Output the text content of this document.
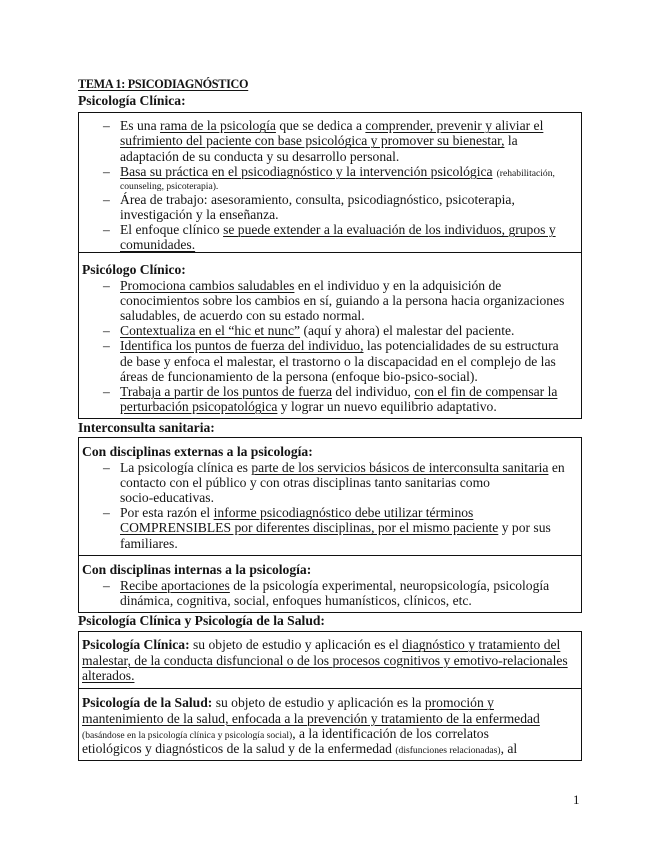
TEMA 1: PSICODIAGNÓSTICO
Psicología Clínica:
– Es una rama de la psicología que se dedica a comprender, prevenir y aliviar el
sufrimiento del paciente con base psicológica y promover su bienestar, la
adaptación de su conducta y su desarrollo personal.
– Basa su práctica en el psicodiagnóstico y la intervención psicológica (rehabilitación,
counseling, psicoterapia).
– Área de trabajo: asesoramiento, consulta, psicodiagnóstico, psicoterapia,
investigación y la enseñanza.
– El enfoque clínico se puede extender a la evaluación de los individuos, grupos y
comunidades.
Psicólogo Clínico:
– Promociona cambios saludables en el individuo y en la adquisición de
conocimientos sobre los cambios en sí, guiando a la persona hacia organizaciones
saludables, de acuerdo con su estado normal.
– Contextualiza en el “hic et nunc” (aquí y ahora) el malestar del paciente.
– Identifica los puntos de fuerza del individuo, las potencialidades de su estructura
de base y enfoca el malestar, el trastorno o la discapacidad en el complejo de las
áreas de funcionamiento de la persona (enfoque bio-psico-social).
– Trabaja a partir de los puntos de fuerza del individuo, con el fin de compensar la
perturbación psicopatológica y lograr un nuevo equilibrio adaptativo.
Interconsulta sanitaria:
Con disciplinas externas a la psicología:
– La psicología clínica es parte de los servicios básicos de interconsulta sanitaria en
contacto con el público y con otras disciplinas tanto sanitarias como
socio-educativas.
– Por esta razón el informe psicodiagnóstico debe utilizar términos
COMPRENSIBLES por diferentes disciplinas, por el mismo paciente y por sus
familiares.
Con disciplinas internas a la psicología:
– Recibe aportaciones de la psicología experimental, neuropsicología, psicología
dinámica, cognitiva, social, enfoques humanísticos, clínicos, etc.
Psicología Clínica y Psicología de la Salud:
Psicología Clínica: su objeto de estudio y aplicación es el diagnóstico y tratamiento del
malestar, de la conducta disfuncional o de los procesos cognitivos y emotivo-relacionales
alterados.
Psicología de la Salud: su objeto de estudio y aplicación es la promoción y
mantenimiento de la salud, enfocada a la prevención y tratamiento de la enfermedad
(basándose en la psicología clínica y psicología social), a la identificación de los correlatos
etiológicos y diagnósticos de la salud y de la enfermedad (disfunciones relacionadas), al
1
